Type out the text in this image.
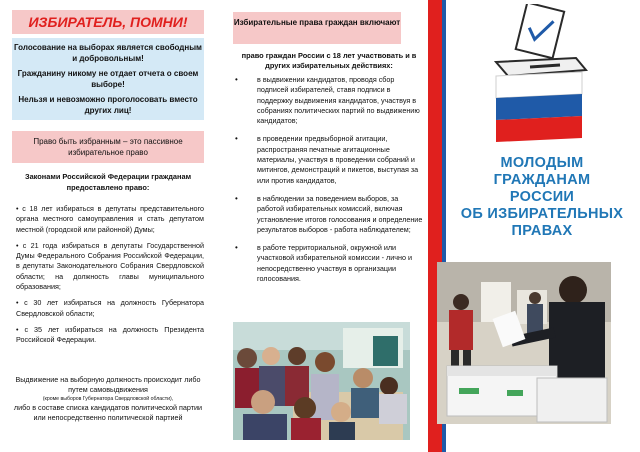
ИЗБИРАТЕЛЬ, ПОМНИ!

Голосование на выборах является свободным и добровольным!

Гражданину никому не отдает отчета о своем выборе!

Нельзя и невозможно проголосовать вместо других лиц!

Право быть избранным – это пассивное избирательное право
Законами Российской Федерации гражданам предоставлено право:
• с 18 лет избираться в депутаты представительного органа местного самоуправления и стать депутатом местной (городской или районной) Думы;
• с 21 года избираться в депутаты Государственной Думы Федерального Собрания Российской Федерации, в депутаты Законодательного Собрания Свердловской области; на должность главы муниципального образования;
• с 30 лет избираться на должность Губернатора Свердловской области;
• с 35 лет избираться на должность Президента Российской Федерации.
Выдвижение на выборную должность происходит либо путем самовыдвижения
(кроме выборов Губернатора Свердловской области),
либо в составе списка кандидатов политической партии или непосредственно политической партией
Избирательные права граждан включают
право граждан России с 18 лет участвовать и в других избирательных действиях:
•	в выдвижении кандидатов, проводя сбор подписей избирателей, ставя подписи в поддержку выдвижения кандидатов, участвуя в собраниях политических партий по выдвижению кандидатов;
•	в проведении предвыборной агитации, распространяя печатные агитационные материалы, участвуя в проведении собраний и митингов, демонстраций и пикетов, выступая за или против кандидатов,
•	в наблюдении за поведением выборов, за работой избирательных комиссий, включая установление итогов голосования и определение результатов выборов - работа наблюдателем;
•	в работе территориальной, окружной или участковой избирательной комиссии - лично и непосредственно участвуя в организации голосования.
МОЛОДЫМ
ГРАЖДАНАМ
РОССИИ
ОБ ИЗБИРАТЕЛЬНЫХ
ПРАВАХ
